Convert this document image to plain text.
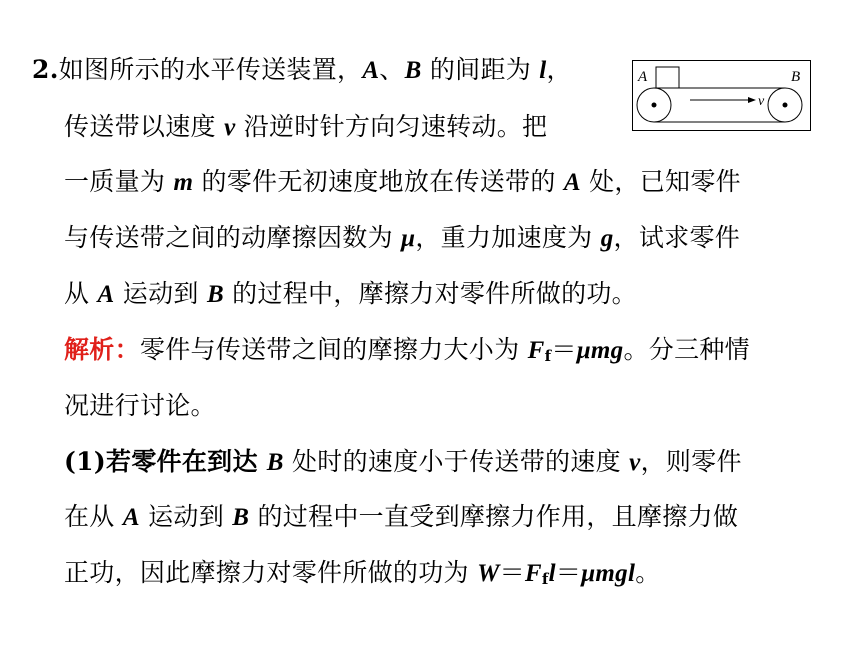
2.如图所示的水平传送装置，A、B 的间距为 l，
传送带以速度 v 沿逆时针方向匀速转动。把
一质量为 m 的零件无初速度地放在传送带的 A 处，已知零件
与传送带之间的动摩擦因数为 μ，重力加速度为 g，试求零件
从 A 运动到 B 的过程中，摩擦力对零件所做的功。
解析：零件与传送带之间的摩擦力大小为 $F_f=\mu mg$。分三种情
况进行讨论。
(1)若零件在到达 B 处时的速度小于传送带的速度 v，则零件
在从 A 运动到 B 的过程中一直受到摩擦力作用，且摩擦力做
正功，因此摩擦力对零件所做的功为 $W=F_fl=\mu mgl$。
A	B
v
